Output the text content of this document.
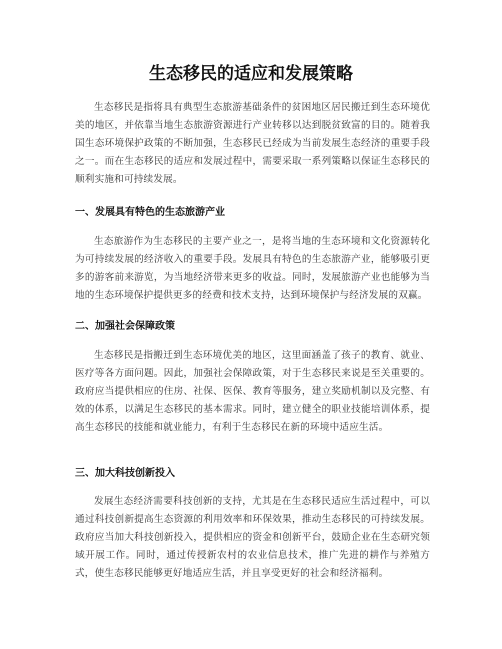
生态移民的适应和发展策略

生态移民是指将具有典型生态旅游基础条件的贫困地区居民搬迁到生态环境优美的地区，并依靠当地生态旅游资源进行产业转移以达到脱贫致富的目的。随着我国生态环境保护政策的不断加强，生态移民已经成为当前发展生态经济的重要手段之一。而在生态移民的适应和发展过程中，需要采取一系列策略以保证生态移民的顺利实施和可持续发展。

一、发展具有特色的生态旅游产业

生态旅游作为生态移民的主要产业之一，是将当地的生态环境和文化资源转化为可持续发展的经济收入的重要手段。发展具有特色的生态旅游产业，能够吸引更多的游客前来游览，为当地经济带来更多的收益。同时，发展旅游产业也能够为当地的生态环境保护提供更多的经费和技术支持，达到环境保护与经济发展的双赢。

二、加强社会保障政策

生态移民是指搬迁到生态环境优美的地区，这里面涵盖了孩子的教育、就业、医疗等各方面问题。因此，加强社会保障政策，对于生态移民来说是至关重要的。政府应当提供相应的住房、社保、医保、教育等服务，建立奖励机制以及完整、有效的体系，以满足生态移民的基本需求。同时，建立健全的职业技能培训体系，提高生态移民的技能和就业能力，有利于生态移民在新的环境中适应生活。

三、加大科技创新投入

发展生态经济需要科技创新的支持，尤其是在生态移民适应生活过程中，可以通过科技创新提高生态资源的利用效率和环保效果，推动生态移民的可持续发展。政府应当加大科技创新投入，提供相应的资金和创新平台，鼓励企业在生态研究领域开展工作。同时，通过传授新农村的农业信息技术，推广先进的耕作与养殖方式，使生态移民能够更好地适应生活，并且享受更好的社会和经济福利。
